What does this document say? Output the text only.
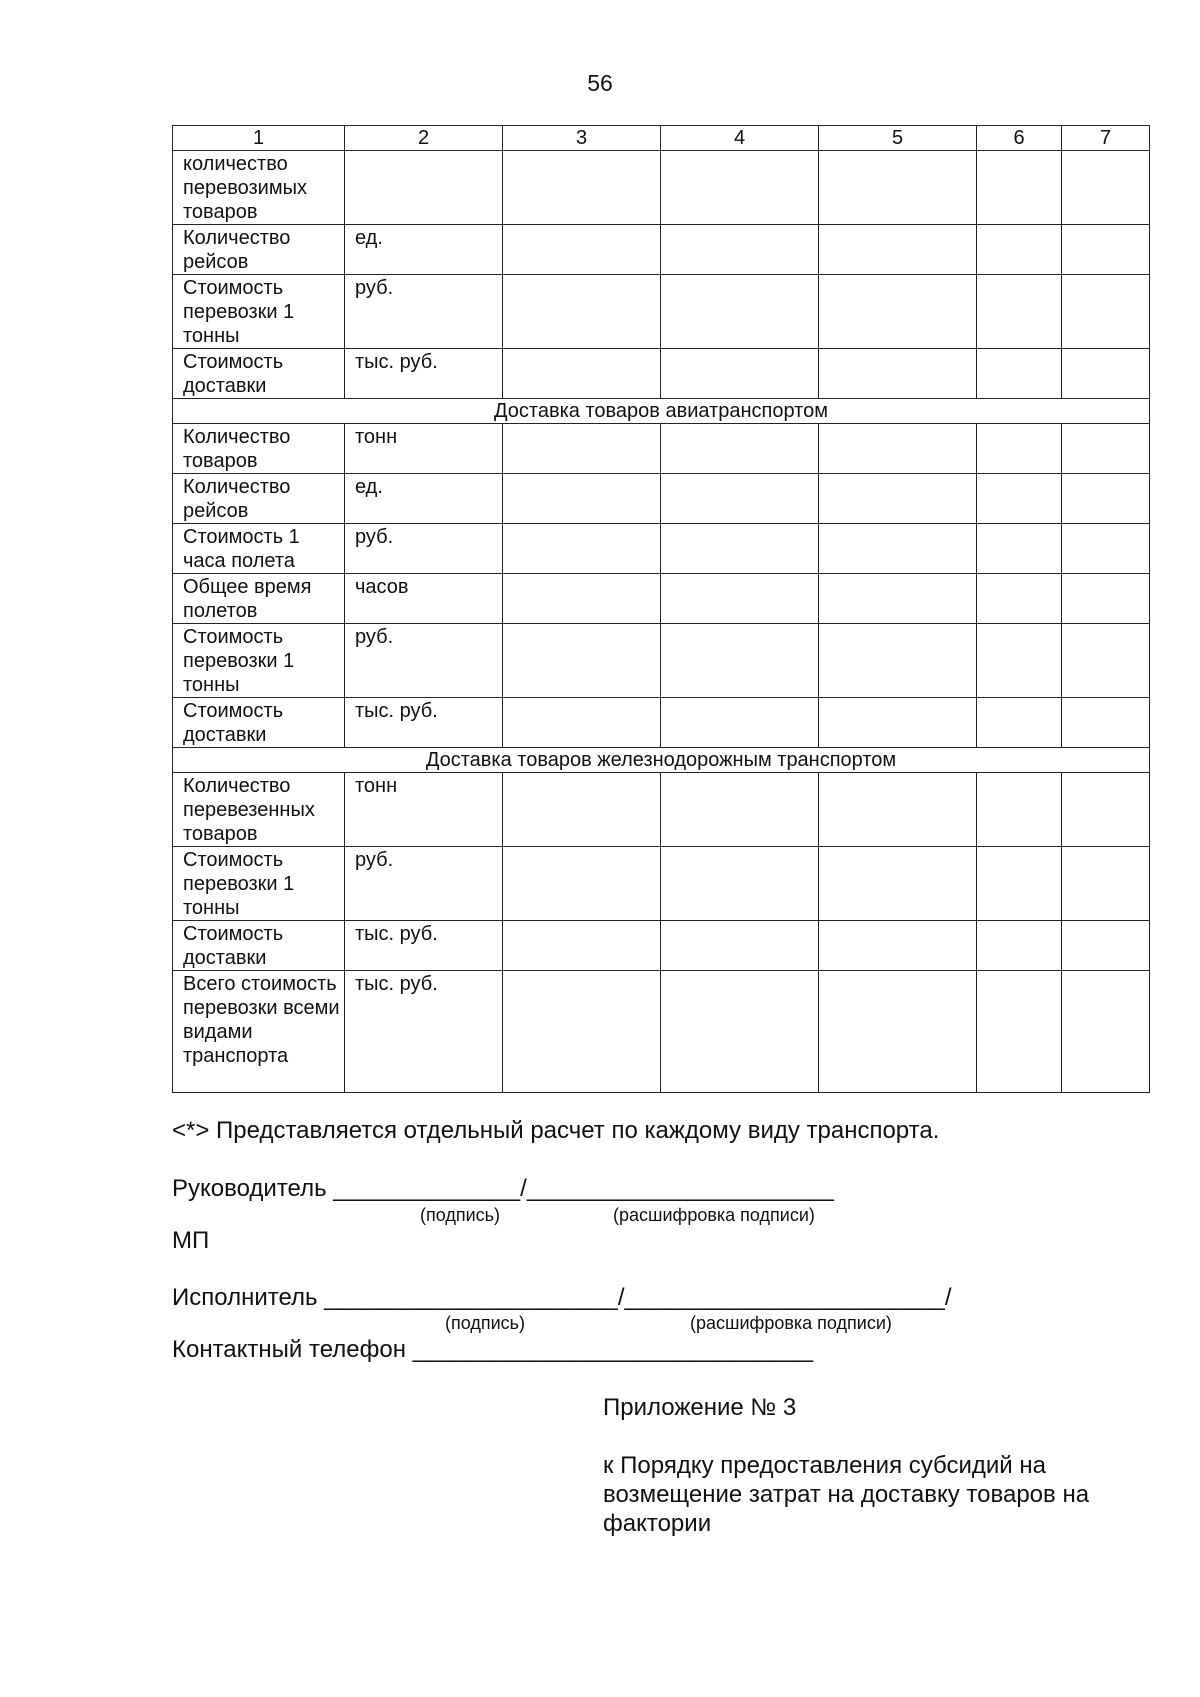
56
1	2	3	4	5	6	7
количество перевозимых товаров						
Количество рейсов	ед.					
Стоимость перевозки 1 тонны	руб.					
Стоимость доставки	тыс. руб.					
Доставка товаров авиатранспортом						
Количество товаров	тонн					
Количество рейсов	ед.					
Стоимость 1 часа полета	руб.					
Общее время полетов	часов					
Стоимость перевозки 1 тонны	руб.					
Стоимость доставки	тыс. руб.					
Доставка товаров железнодорожным транспортом						
Количество перевезенных товаров	тонн					
Стоимость перевозки 1 тонны	руб.					
Стоимость доставки	тыс. руб.					
Всего стоимость перевозки всеми видами транспорта	тыс. руб.					
<*> Представляется отдельный расчет по каждому виду транспорта.
Руководитель ______________/_______________________
(подпись)	(расшифровка подписи)
МП
Исполнитель ______________________/________________________/
(подпись)	(расшифровка подписи)
Контактный телефон ______________________________
Приложение № 3
к Порядку предоставления субсидий на возмещение затрат на доставку товаров на фактории
